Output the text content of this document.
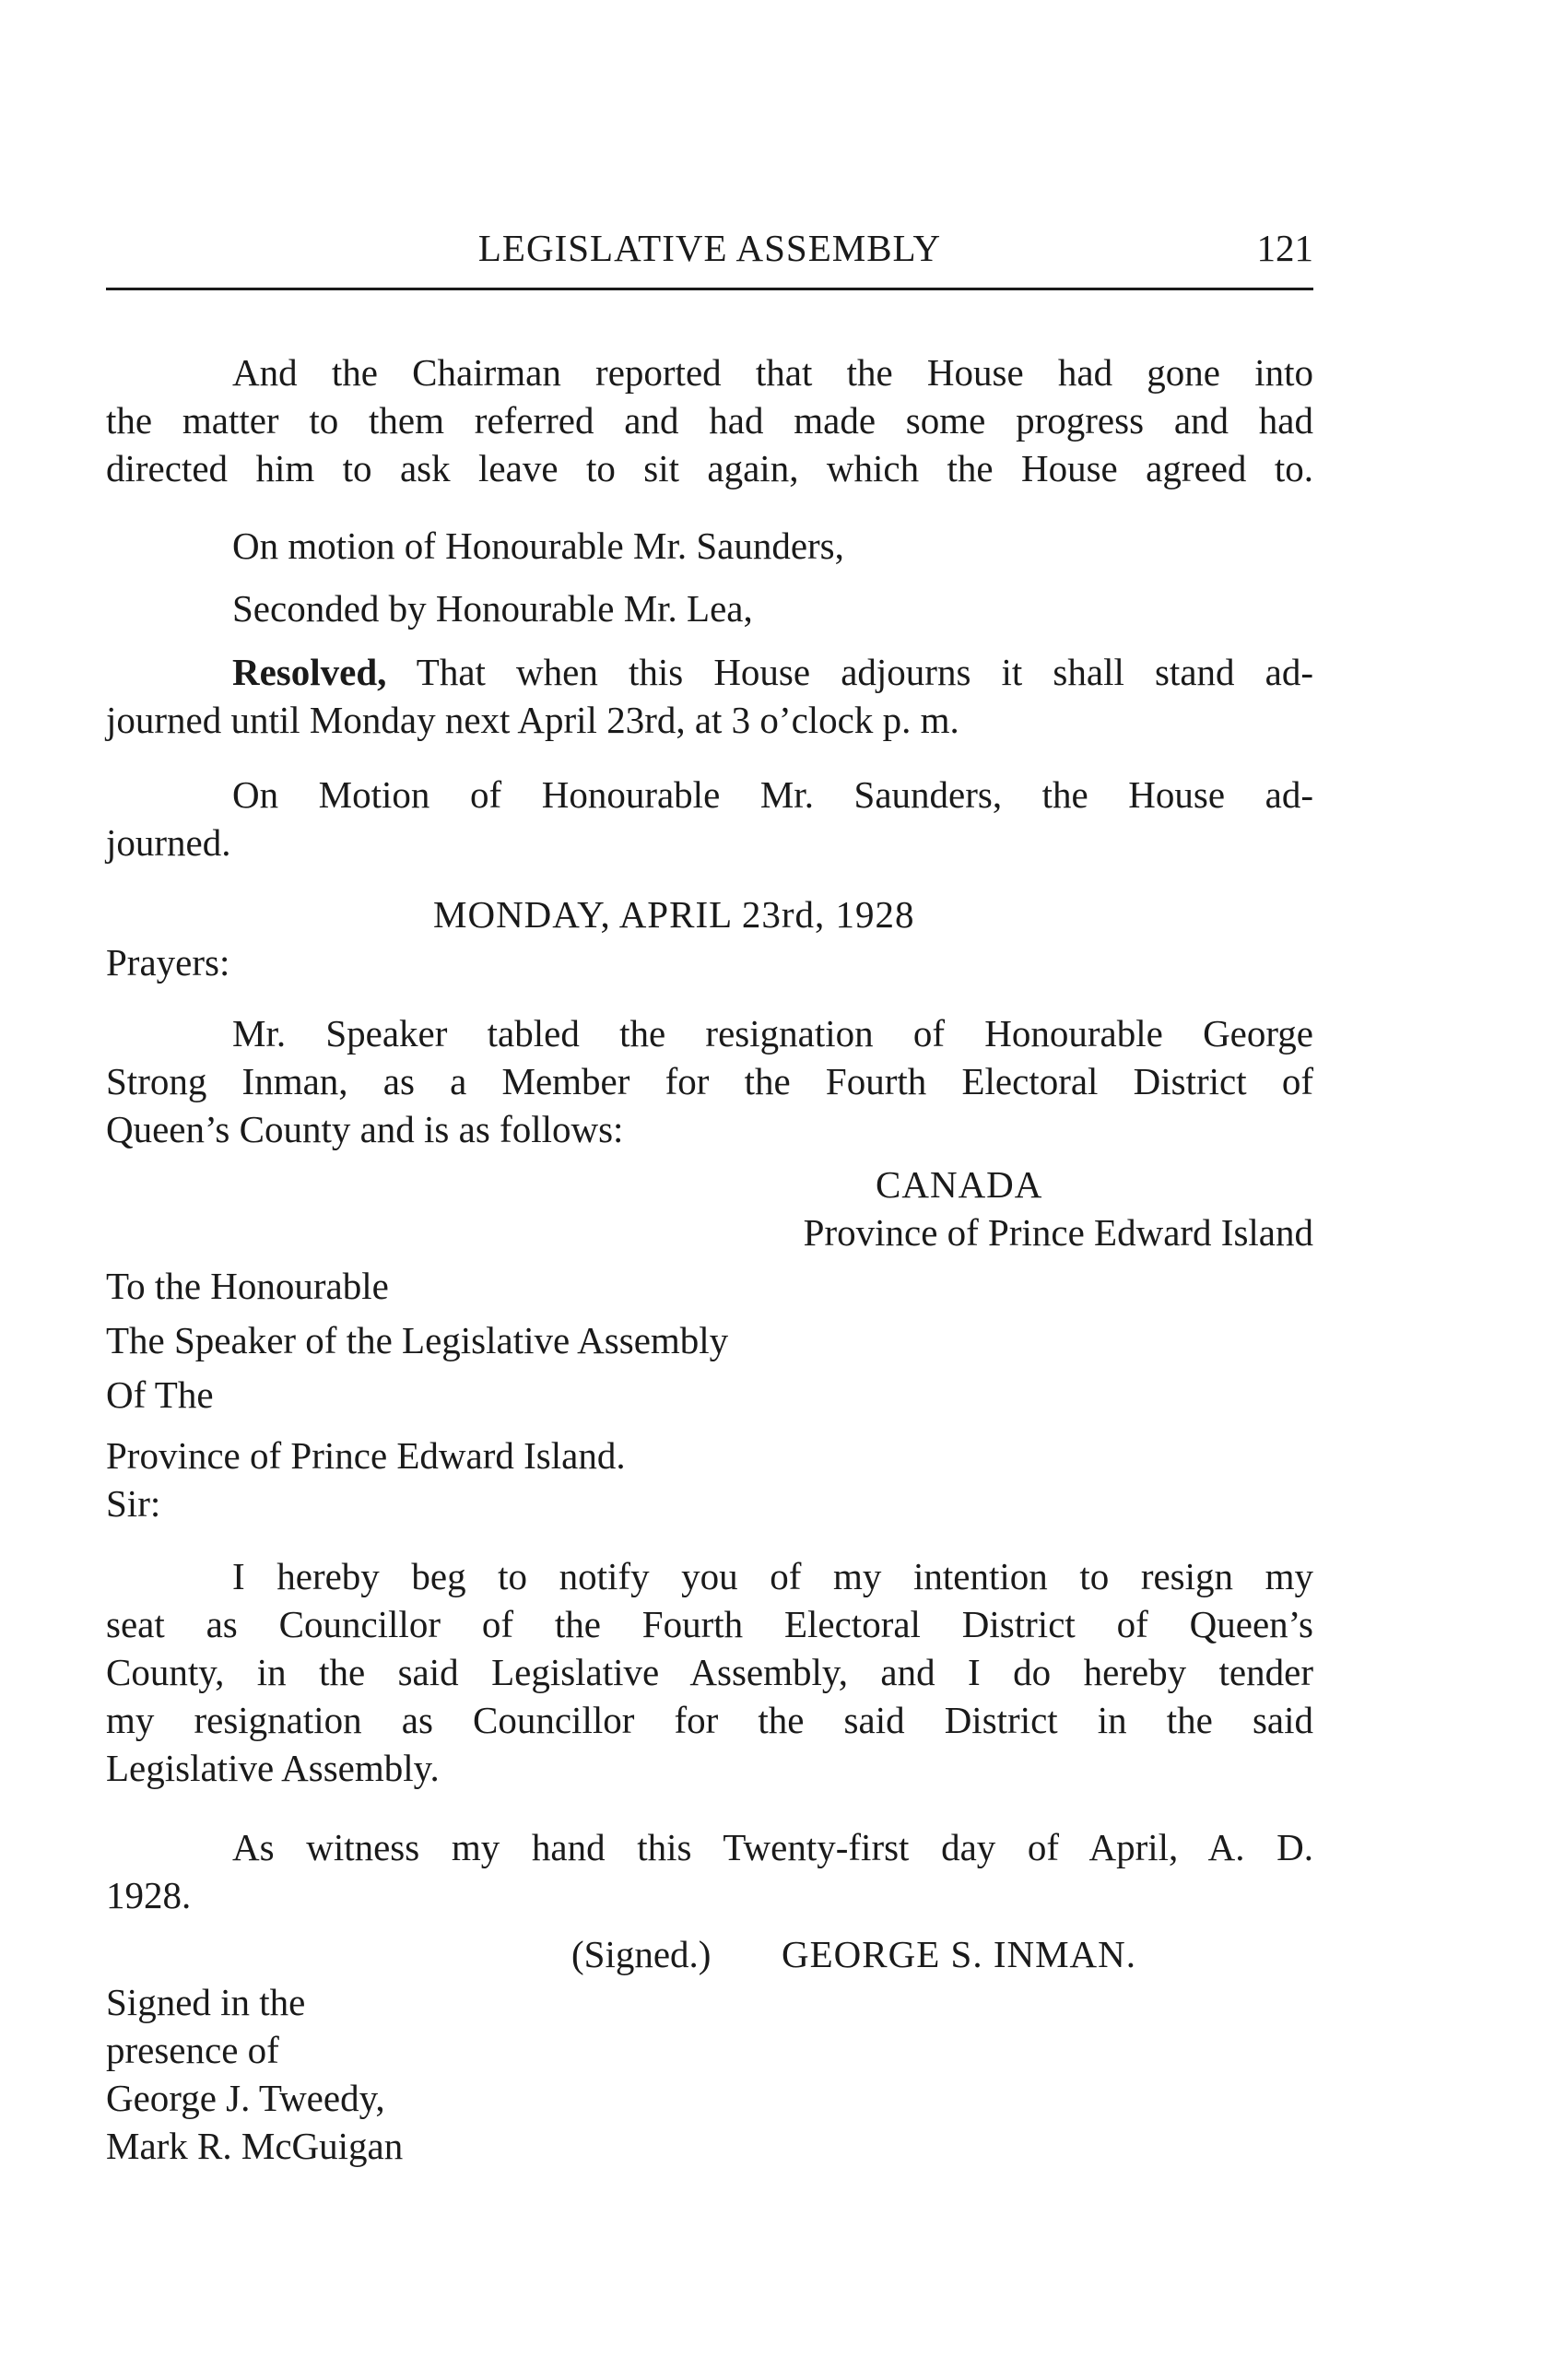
LEGISLATIVE ASSEMBLY	121
And the Chairman reported that the House had gone into
the matter to them referred and had made some progress and had
directed him to ask leave to sit again, which the House agreed to.
On motion of Honourable Mr. Saunders,
Seconded by Honourable Mr. Lea,
Resolved, That when this House adjourns it shall stand ad-
journed until Monday next April 23rd, at 3 o’clock p. m.
On Motion of Honourable Mr. Saunders, the House ad-
journed.
MONDAY, APRIL 23rd, 1928
Prayers:
Mr. Speaker tabled the resignation of Honourable George
Strong Inman, as a Member for the Fourth Electoral District of
Queen’s County and is as follows:
CANADA
Province of Prince Edward Island
To the Honourable
The Speaker of the Legislative Assembly
Of The
Province of Prince Edward Island.
Sir:
I hereby beg to notify you of my intention to resign my
seat as Councillor of the Fourth Electoral District of Queen’s
County, in the said Legislative Assembly, and I do hereby tender
my resignation as Councillor for the said District in the said
Legislative Assembly.
As witness my hand this Twenty-first day of April, A. D.
1928.
(Signed.) GEORGE S. INMAN.
Signed in the
presence of
George J. Tweedy,
Mark R. McGuigan
